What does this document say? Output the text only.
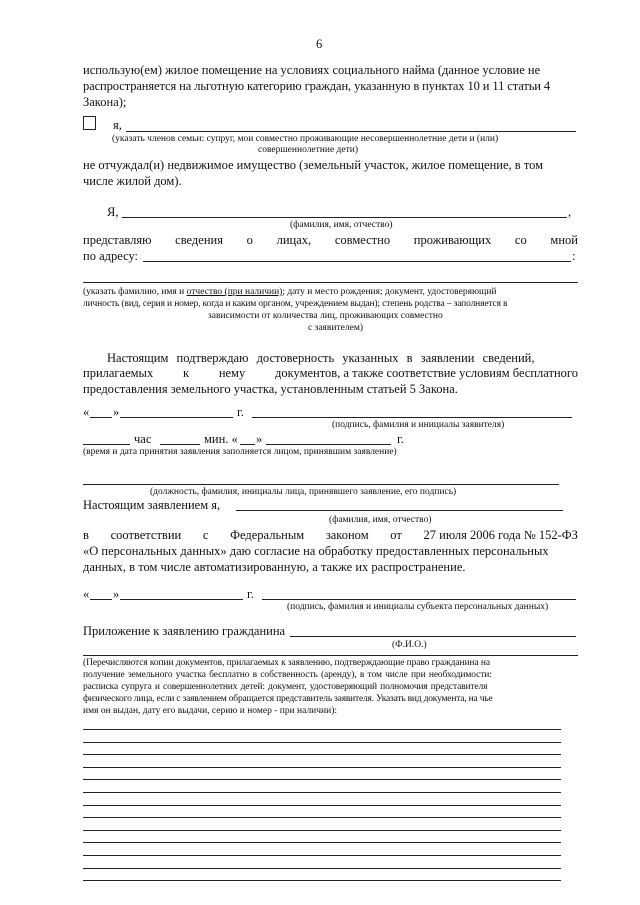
6

использую(ем) жилое помещение на условиях социального найма (данное условие не

распространяется на льготную категорию граждан, указанную в пунктах 10 и 11 статьи 4

Закона);

я,

(указать членов семьи: супруг, мои совместно проживающие несовершеннолетние дети и (или)

совершеннолетние дети)

не отчуждал(и) недвижимое имущество (земельный участок, жилое помещение, в том

числе жилой дом).

Я,	,

(фамилия, имя, отчество)

представляю сведения о лицах, совместно проживающих со мной

по адресу:	:

(указать фамилию, имя и отчество (при наличии); дату и место рождения; документ, удостоверяющий

личность (вид, серия и номер, когда и каким органом, учреждением выдан); степень родства – заполняется в

зависимости от количества лиц, проживающих совместно

с заявителем)

Настоящим подтверждаю достоверность указанных в заявлении сведений,

прилагаемых к нему документов, а также соответствие условиям бесплатного

предоставления земельного участка, установленным статьей 5 Закона.

« »	г.

(подпись, фамилия и инициалы заявителя)

час	мин. « »	г.

(время и дата принятия заявления заполняется лицом, принявшим заявление)

(должность, фамилия, инициалы лица, принявшего заявление, его подпись)

Настоящим заявлением я,

(фамилия, имя, отчество)

в соответствии с Федеральным законом от 27 июля 2006 года № 152-ФЗ

«О персональных данных» даю согласие на обработку предоставленных персональных

данных, в том числе автоматизированную, а также их распространение.

« »	г.

(подпись, фамилия и инициалы субъекта персональных данных)

Приложение к заявлению гражданина

(Ф.И.О.)

(Перечисляются копии документов, прилагаемых к заявлению, подтверждающие право гражданина на

получение земельного участка бесплатно в собственность (аренду), в том числе при необходимости:

расписка супруга и совершеннолетних детей: документ, удостоверяющий полномочия представителя

физического лица, если с заявлением обращается представитель заявителя. Указать вид документа, на чье

имя он выдан, дату его выдачи, серию и номер - при наличии):
